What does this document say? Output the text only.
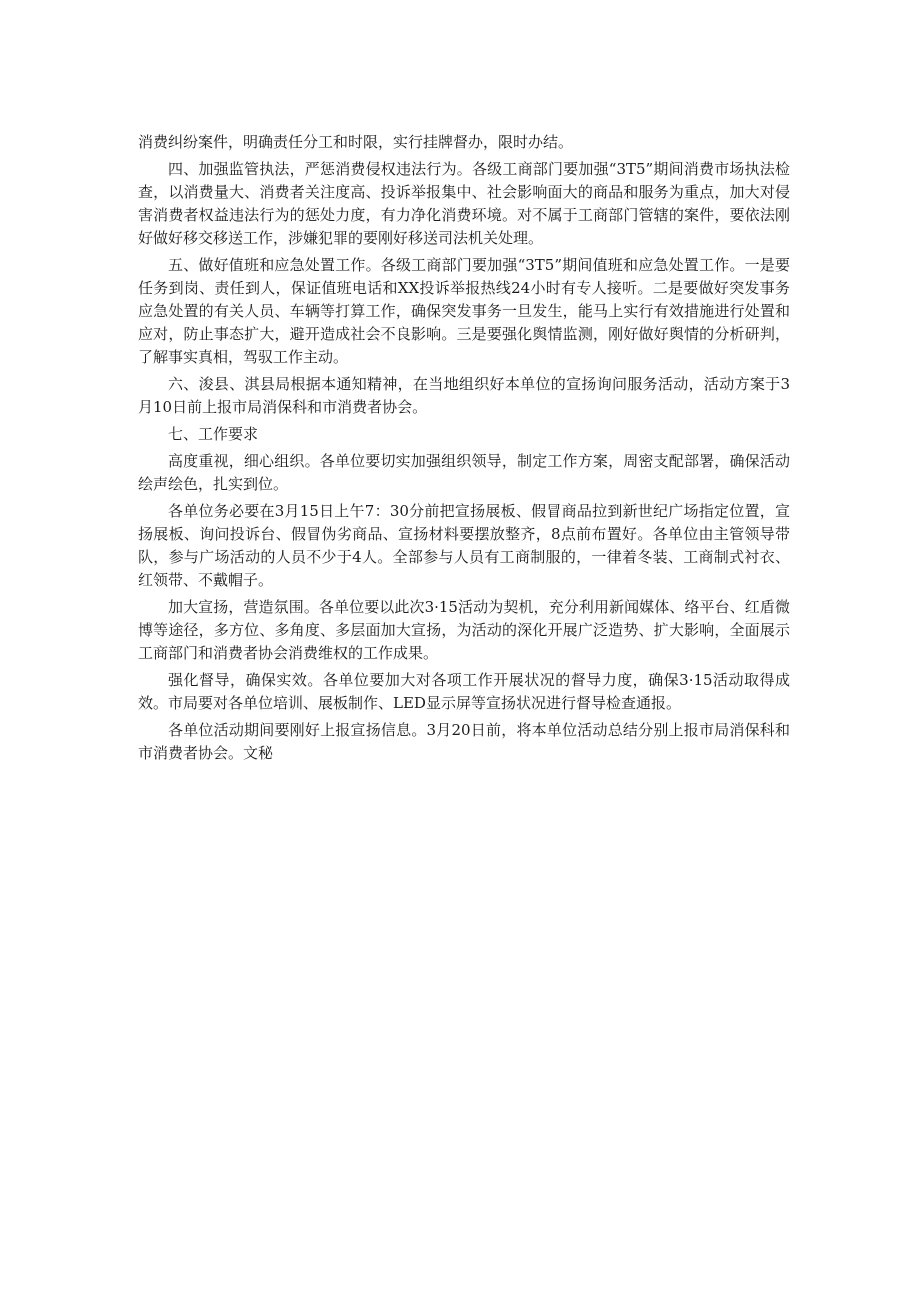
消费纠纷案件，明确责任分工和时限，实行挂牌督办，限时办结。

四、加强监管执法，严惩消费侵权违法行为。各级工商部门要加强“3T5”期间消费市场执法检查，以消费量大、消费者关注度高、投诉举报集中、社会影响面大的商品和服务为重点，加大对侵害消费者权益违法行为的惩处力度，有力净化消费环境。对不属于工商部门管辖的案件，要依法刚好做好移交移送工作，涉嫌犯罪的要刚好移送司法机关处理。

五、做好值班和应急处置工作。各级工商部门要加强“3T5”期间值班和应急处置工作。一是要任务到岗、责任到人，保证值班电话和XX投诉举报热线24小时有专人接听。二是要做好突发事务应急处置的有关人员、车辆等打算工作，确保突发事务一旦发生，能马上实行有效措施进行处置和应对，防止事态扩大，避开造成社会不良影响。三是要强化舆情监测，刚好做好舆情的分析研判，了解事实真相，驾驭工作主动。

六、浚县、淇县局根据本通知精神，在当地组织好本单位的宣扬询问服务活动，活动方案于3月10日前上报市局消保科和市消费者协会。

七、工作要求

高度重视，细心组织。各单位要切实加强组织领导，制定工作方案，周密支配部署，确保活动绘声绘色，扎实到位。

各单位务必要在3月15日上午7：30分前把宣扬展板、假冒商品拉到新世纪广场指定位置，宣扬展板、询问投诉台、假冒伪劣商品、宣扬材料要摆放整齐，8点前布置好。各单位由主管领导带队，参与广场活动的人员不少于4人。全部参与人员有工商制服的，一律着冬装、工商制式衬衣、红领带、不戴帽子。

加大宣扬，营造氛围。各单位要以此次3·15活动为契机，充分利用新闻媒体、络平台、红盾微博等途径，多方位、多角度、多层面加大宣扬，为活动的深化开展广泛造势、扩大影响，全面展示工商部门和消费者协会消费维权的工作成果。

强化督导，确保实效。各单位要加大对各项工作开展状况的督导力度，确保3·15活动取得成效。市局要对各单位培训、展板制作、LED显示屏等宣扬状况进行督导检查通报。

各单位活动期间要刚好上报宣扬信息。3月20日前，将本单位活动总结分别上报市局消保科和市消费者协会。文秘
